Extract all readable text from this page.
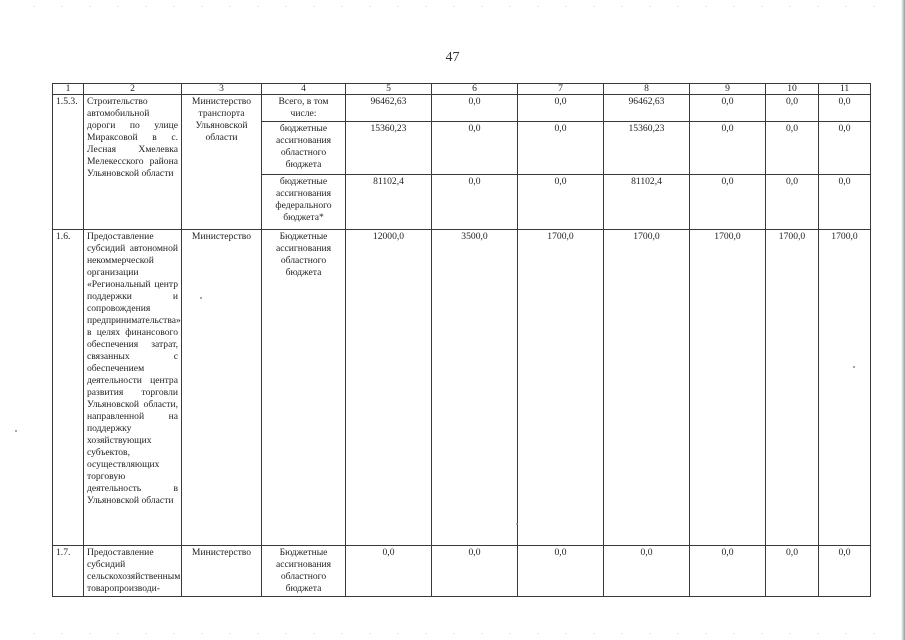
47
1	2	3	4	5	6	7	8	9	10	11
1.5.3.	Строительство автомобильной дороги по улице Мираксовой в с. Лесная Хмелевка Мелекесского района Ульяновской области	Министерство транспорта Ульяновской области	Всего, в том числе:	96462,63	0,0	0,0	96462,63	0,0	0,0	0,0
			бюджетные ассигнования областного бюджета	15360,23	0,0	0,0	15360,23	0,0	0,0	0,0
			бюджетные ассигнования федерального бюджета*	81102,4	0,0	0,0	81102,4	0,0	0,0	0,0
1.6.	Предоставление субсидий автономной некоммерческой организации «Региональный центр поддержки и сопровождения предпринимательства» в целях финансового обеспечения затрат, связанных с обеспечением деятельности центра развития торговли Ульяновской области, направленной на поддержку хозяйствующих субъектов, осуществляющих торговую деятельность в Ульяновской области	Министерство	Бюджетные ассигнования областного бюджета	12000,0	3500,0	1700,0	1700,0	1700,0	1700,0	1700,0
1.7.	Предоставление субсидий сельскохозяйственным товаропроизводи-	Министерство	Бюджетные ассигнования областного бюджета	0,0	0,0	0,0	0,0	0,0	0,0	0,0
